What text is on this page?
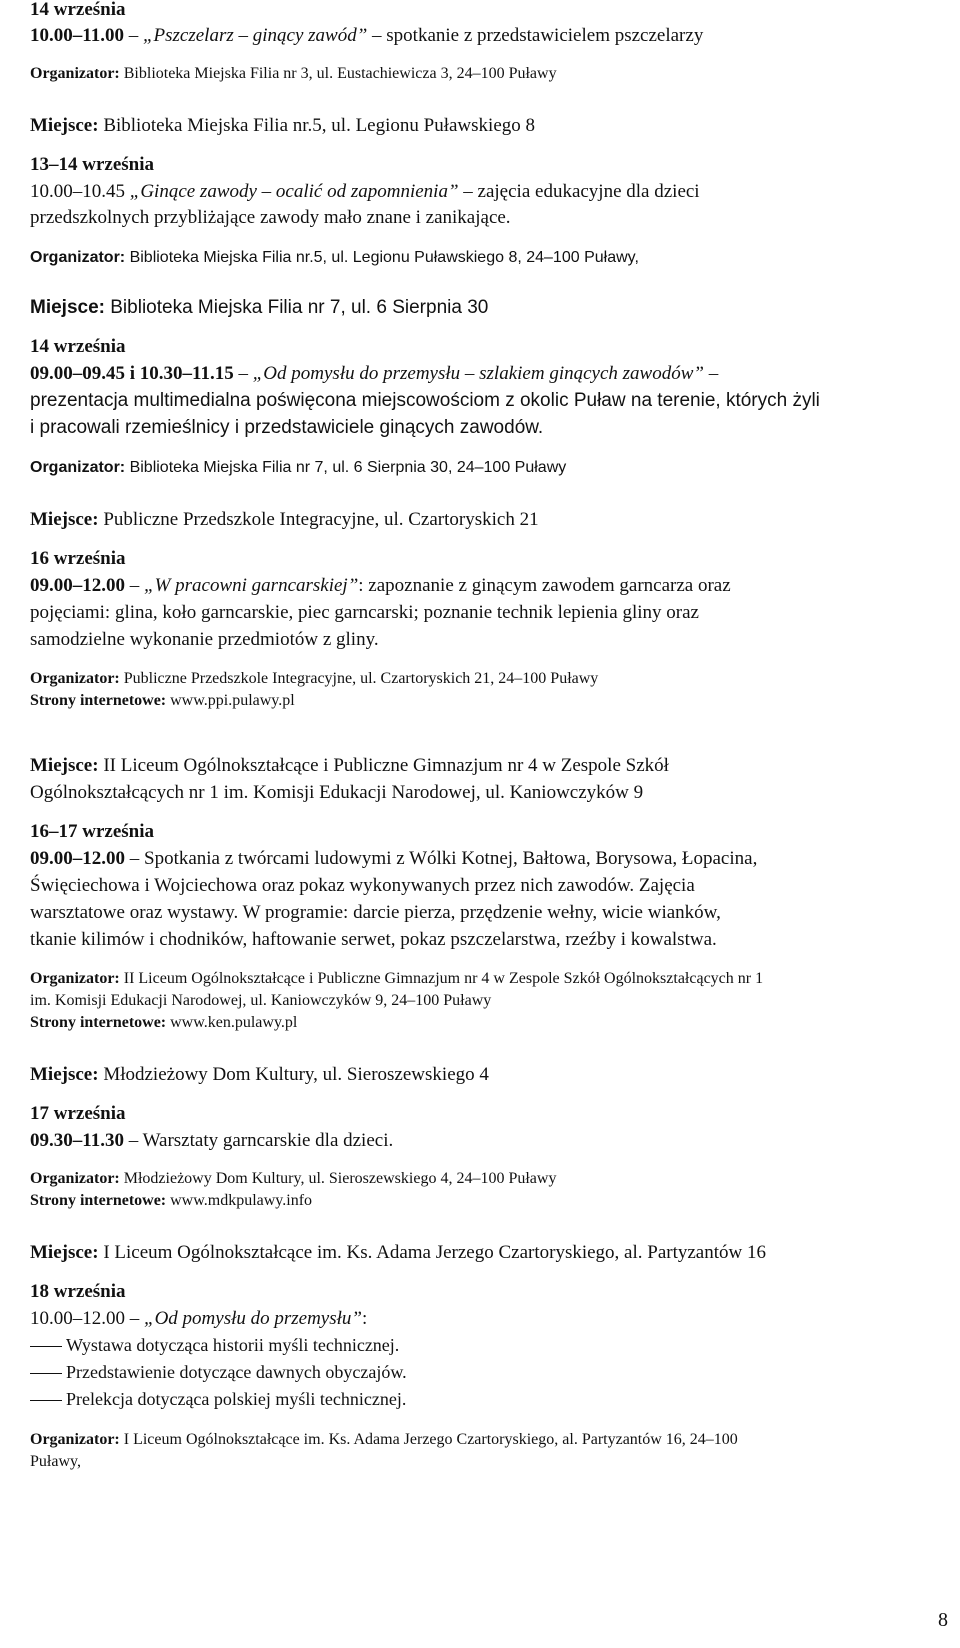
14 września
10.00–11.00 – „Pszczelarz – ginący zawód” – spotkanie z przedstawicielem pszczelarzy
Organizator: Biblioteka Miejska Filia nr 3, ul. Eustachiewicza 3, 24–100 Puławy
Miejsce: Biblioteka Miejska Filia nr.5, ul. Legionu Puławskiego 8
13–14 września
10.00–10.45 „Ginące zawody – ocalić od zapomnienia” – zajęcia edukacyjne dla dzieci
przedszkolnych przybliżające zawody mało znane i zanikające.
Organizator: Biblioteka Miejska Filia nr.5, ul. Legionu Puławskiego 8, 24–100 Puławy,
Miejsce: Biblioteka Miejska Filia nr 7, ul. 6 Sierpnia 30
14 września
09.00–09.45 i 10.30–11.15 – „Od pomysłu do przemysłu – szlakiem ginących zawodów” –
prezentacja multimedialna poświęcona miejscowościom z okolic Puław na terenie, których żyli
i pracowali rzemieślnicy i przedstawiciele ginących zawodów.
Organizator: Biblioteka Miejska Filia nr 7, ul. 6 Sierpnia 30, 24–100 Puławy
Miejsce: Publiczne Przedszkole Integracyjne, ul. Czartoryskich 21
16 września
09.00–12.00 – „W pracowni garncarskiej”: zapoznanie z ginącym zawodem garncarza oraz
pojęciami: glina, koło garncarskie, piec garncarski; poznanie technik lepienia gliny oraz
samodzielne wykonanie przedmiotów z gliny.
Organizator: Publiczne Przedszkole Integracyjne, ul. Czartoryskich 21, 24–100 Puławy
Strony internetowe: www.ppi.pulawy.pl
Miejsce: II Liceum Ogólnokształcące i Publiczne Gimnazjum nr 4 w Zespole Szkół
Ogólnokształcących nr 1 im. Komisji Edukacji Narodowej, ul. Kaniowczyków 9
16–17 września
09.00–12.00 – Spotkania z twórcami ludowymi z Wólki Kotnej, Bałtowa, Borysowa, Łopacina,
Święciechowa i Wojciechowa oraz pokaz wykonywanych przez nich zawodów. Zajęcia
warsztatowe oraz wystawy. W programie: darcie pierza, przędzenie wełny, wicie wianków,
tkanie kilimów i chodników, haftowanie serwet, pokaz pszczelarstwa, rzeźby i kowalstwa.
Organizator: II Liceum Ogólnokształcące i Publiczne Gimnazjum nr 4 w Zespole Szkół Ogólnokształcących nr 1
im. Komisji Edukacji Narodowej, ul. Kaniowczyków 9, 24–100 Puławy
Strony internetowe: www.ken.pulawy.pl
Miejsce: Młodzieżowy Dom Kultury, ul. Sieroszewskiego 4
17 września
09.30–11.30 – Warsztaty garncarskie dla dzieci.
Organizator: Młodzieżowy Dom Kultury, ul. Sieroszewskiego 4, 24–100 Puławy
Strony internetowe: www.mdkpulawy.info
Miejsce: I Liceum Ogólnokształcące im. Ks. Adama Jerzego Czartoryskiego, al. Partyzantów 16
18 września
10.00–12.00 – „Od pomysłu do przemysłu”:
Wystawa dotycząca historii myśli technicznej.
Przedstawienie dotyczące dawnych obyczajów.
Prelekcja dotycząca polskiej myśli technicznej.
Organizator: I Liceum Ogólnokształcące im. Ks. Adama Jerzego Czartoryskiego, al. Partyzantów 16, 24–100
Puławy,
8
